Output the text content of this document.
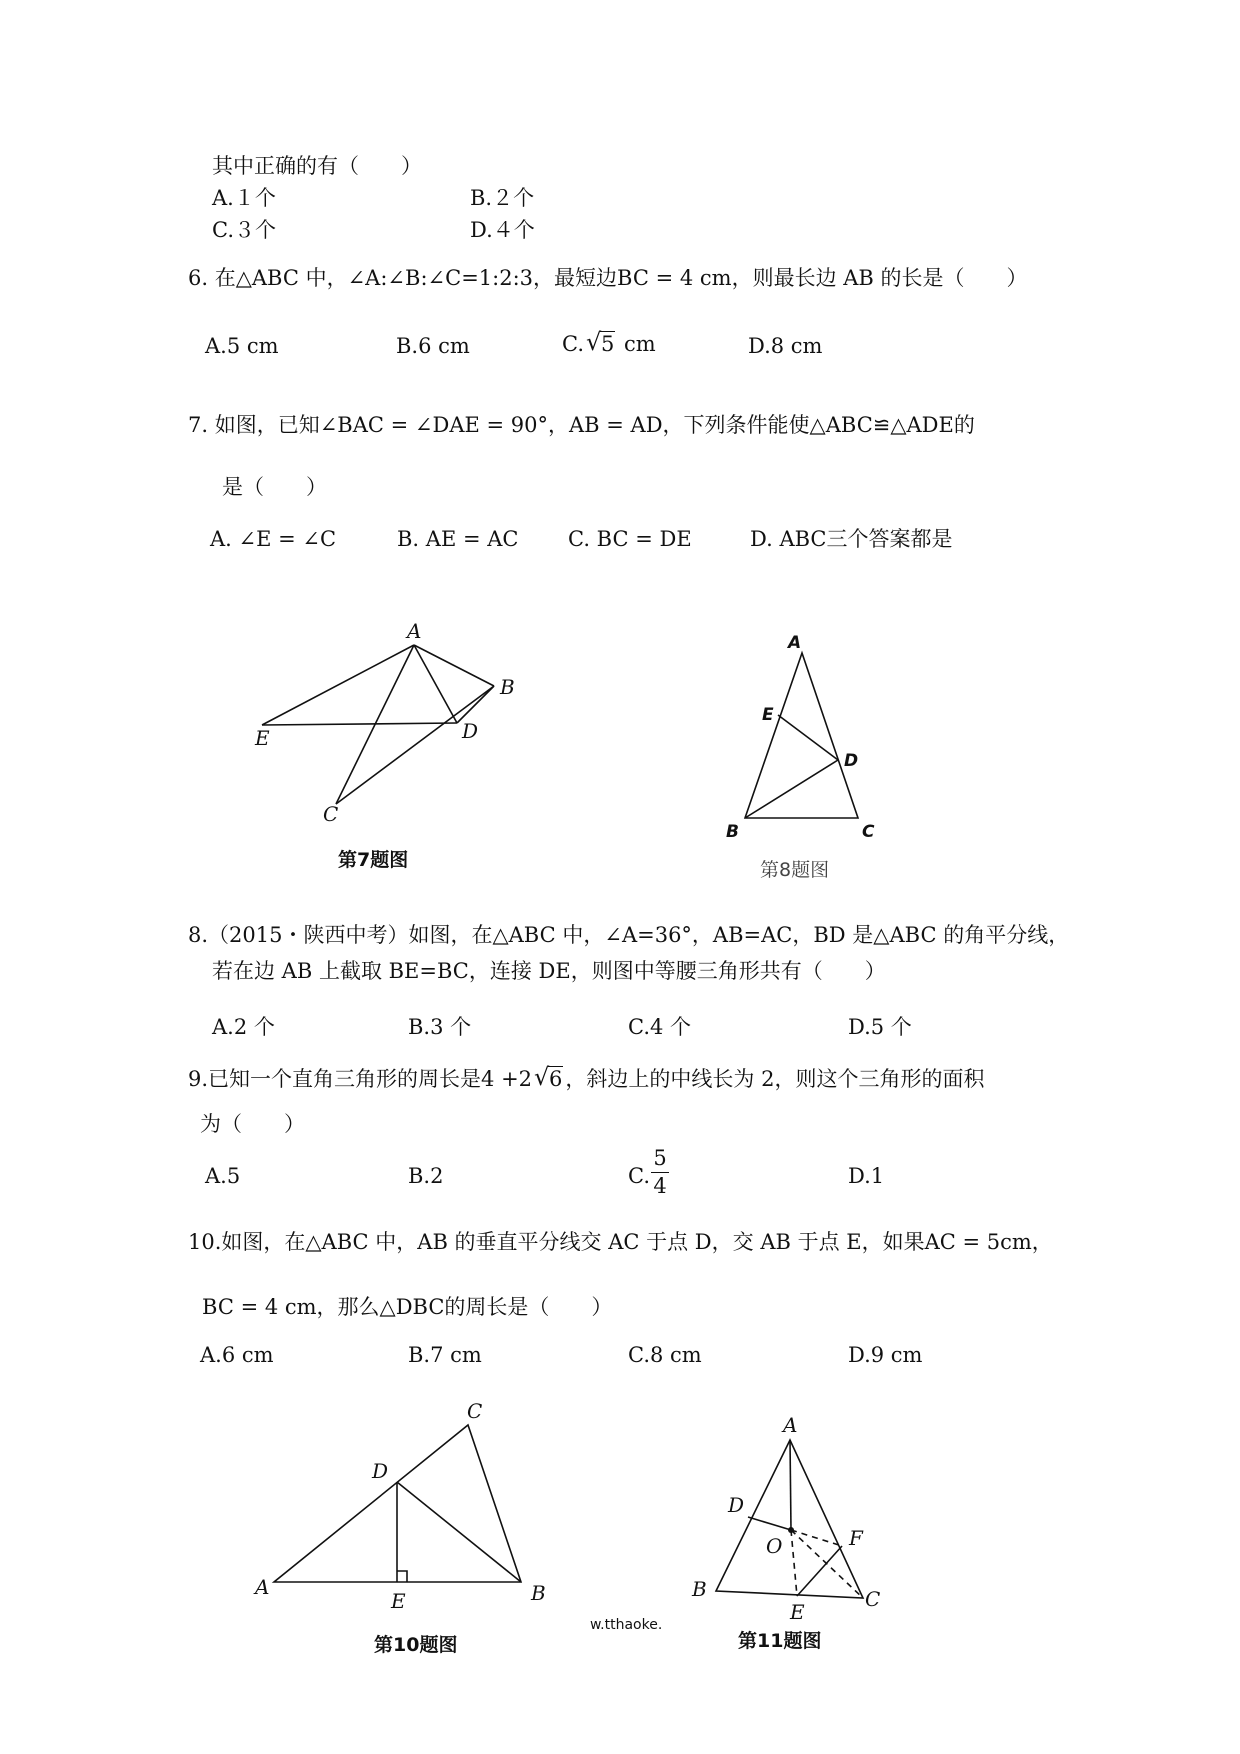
其中正确的有（　　）
A.１个	B.２个
C.３个	D.４个
6. 在△ABC 中，∠A:∠B:∠C=1:2:3，最短边BC = 4 cm，则最长边 AB 的长是（　　）
A.5 cm	B.6 cm	C. √ 5 cm	D.8 cm
7. 如图，已知∠BAC = ∠DAE = 90°，AB = AD，下列条件能使△ABC≌△ADE的
是（　　）
A. ∠E = ∠C	B. AE = AC C. BC = DE	D. ABC三个答案都是
A
B
D
E
C
第7题图
A
E
D
B	C
第8题图
8.（2015・陕西中考）如图，在△ABC 中，∠A=36°，AB=AC，BD 是△ABC 的角平分线，
若在边 AB 上截取 BE=BC，连接 DE，则图中等腰三角形共有（　　）
A.2 个	B.3 个	C.4 个	D.5 个
9.已知一个直角三角形的周长是4 +2 √ 6 ，斜边上的中线长为 2，则这个三角形的面积
为（　　）
A.5	B.2	C.
5
4	D.1
10.如图，在△ABC 中，AB 的垂直平分线交 AC 于点 D，交 AB 于点 E，如果AC = 5cm，
BC = 4 cm，那么△DBC的周长是（　　）
A.6 cm	B.7 cm	C.8 cm	D.9 cm
C
D
A
E	B
第10题图
w.tthaoke.
A
D
O	F
B
E
C
第11题图
